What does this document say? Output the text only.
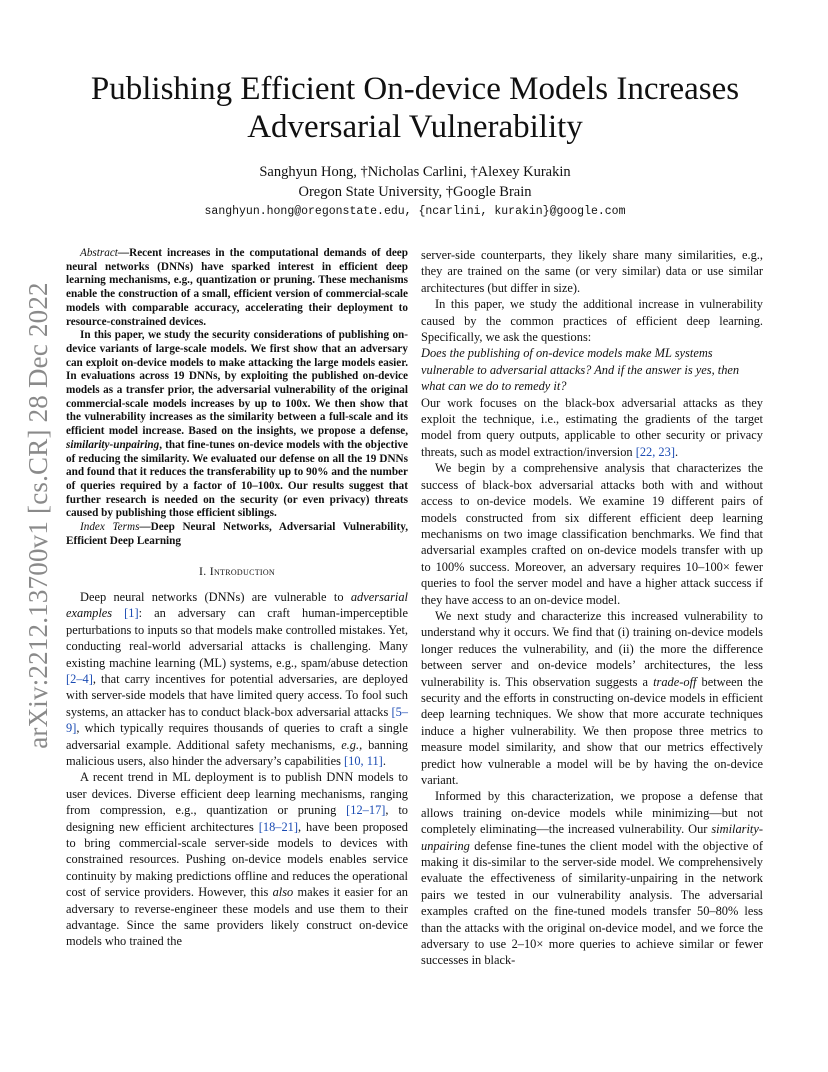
arXiv:2212.13700v1 [cs.CR] 28 Dec 2022
Publishing Efficient On-device Models Increases
Adversarial Vulnerability
Sanghyun Hong, †Nicholas Carlini, †Alexey Kurakin
Oregon State University, †Google Brain
sanghyun.hong@oregonstate.edu, {ncarlini, kurakin}@google.com

Abstract—Recent increases in the computational demands of deep neural networks (DNNs) have sparked interest in efficient deep learning mechanisms, e.g., quantization or pruning. These mechanisms enable the construction of a small, efficient version of commercial-scale models with comparable accuracy, accelerating their deployment to resource-constrained devices.

In this paper, we study the security considerations of publishing on-device variants of large-scale models. We first show that an adversary can exploit on-device models to make attacking the large models easier. In evaluations across 19 DNNs, by exploiting the published on-device models as a transfer prior, the adversarial vulnerability of the original commercial-scale models increases by up to 100x. We then show that the vulnerability increases as the similarity between a full-scale and its efficient model increase. Based on the insights, we propose a defense, similarity-unpairing, that fine-tunes on-device models with the objective of reducing the similarity. We evaluated our defense on all the 19 DNNs and found that it reduces the transferability up to 90% and the number of queries required by a factor of 10–100x. Our results suggest that further research is needed on the security (or even privacy) threats caused by publishing those efficient siblings.

Index Terms—Deep Neural Networks, Adversarial Vulnerability, Efficient Deep Learning

I. Introduction

Deep neural networks (DNNs) are vulnerable to adversarial examples [1]: an adversary can craft human-imperceptible perturbations to inputs so that models make controlled mistakes. Yet, conducting real-world adversarial attacks is challenging. Many existing machine learning (ML) systems, e.g., spam/abuse detection [2–4], that carry incentives for potential adversaries, are deployed with server-side models that have limited query access. To fool such systems, an attacker has to conduct black-box adversarial attacks [5–9], which typically requires thousands of queries to craft a single adversarial example. Additional safety mechanisms, e.g., banning malicious users, also hinder the adversary’s capabilities [10, 11].

A recent trend in ML deployment is to publish DNN models to user devices. Diverse efficient deep learning mechanisms, ranging from compression, e.g., quantization or pruning [12–17], to designing new efficient architectures [18–21], have been proposed to bring commercial-scale server-side models to devices with constrained resources. Pushing on-device models enables service continuity by making predictions offline and reduces the operational cost of service providers. However, this also makes it easier for an adversary to reverse-engineer these models and use them to their advantage. Since the same providers likely construct on-device models who trained the

server-side counterparts, they likely share many similarities, e.g., they are trained on the same (or very similar) data or use similar architectures (but differ in size).

In this paper, we study the additional increase in vulnerability caused by the common practices of efficient deep learning. Specifically, we ask the questions:

Does the publishing of on-device models make ML systems vulnerable to adversarial attacks? And if the answer is yes, then what can we do to remedy it?

Our work focuses on the black-box adversarial attacks as they exploit the technique, i.e., estimating the gradients of the target model from query outputs, applicable to other security or privacy threats, such as model extraction/inversion [22, 23].

We begin by a comprehensive analysis that characterizes the success of black-box adversarial attacks both with and without access to on-device models. We examine 19 different pairs of models constructed from six different efficient deep learning mechanisms on two image classification benchmarks. We find that adversarial examples crafted on on-device models transfer with up to 100% success. Moreover, an adversary requires 10–100× fewer queries to fool the server model and have a higher attack success if they have access to an on-device model.

We next study and characterize this increased vulnerability to understand why it occurs. We find that (i) training on-device models longer reduces the vulnerability, and (ii) the more the difference between server and on-device models’ architectures, the less vulnerability is. This observation suggests a trade-off between the security and the efforts in constructing on-device models in efficient deep learning techniques. We show that more accurate techniques induce a higher vulnerability. We then propose three metrics to measure model similarity, and show that our metrics effectively predict how vulnerable a model will be by having the on-device variant.

Informed by this characterization, we propose a defense that allows training on-device models while minimizing—but not completely eliminating—the increased vulnerability. Our similarity-unpairing defense fine-tunes the client model with the objective of making it dis-similar to the server-side model. We comprehensively evaluate the effectiveness of similarity-unpairing in the network pairs we tested in our vulnerability analysis. The adversarial examples crafted on the fine-tuned models transfer 50–80% less than the attacks with the original on-device model, and we force the adversary to use 2–10× more queries to achieve similar or fewer successes in black-
